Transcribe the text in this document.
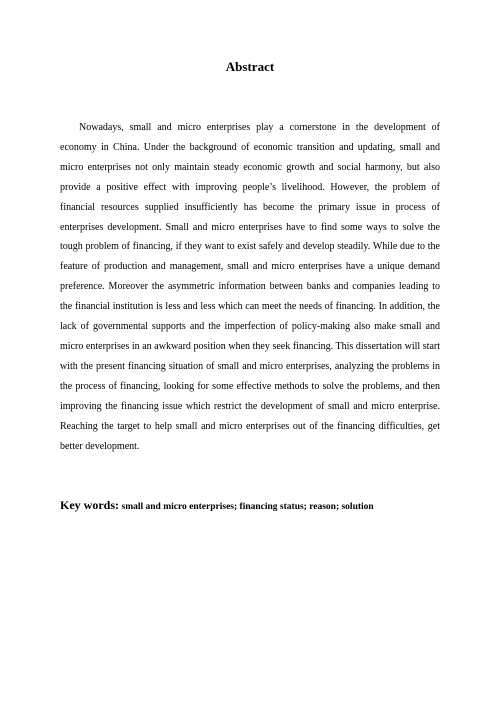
Abstract

Nowadays, small and micro enterprises play a cornerstone in the development of economy in China. Under the background of economic transition and updating, small and micro enterprises not only maintain steady economic growth and social harmony, but also provide a positive effect with improving people’s livelihood. However, the problem of financial resources supplied insufficiently has become the primary issue in process of enterprises development. Small and micro enterprises have to find some ways to solve the tough problem of financing, if they want to exist safely and develop steadily. While due to the feature of production and management, small and micro enterprises have a unique demand preference. Moreover the asymmetric information between banks and companies leading to the financial institution is less and less which can meet the needs of financing. In addition, the lack of governmental supports and the imperfection of policy-making also make small and micro enterprises in an awkward position when they seek financing. This dissertation will start with the present financing situation of small and micro enterprises, analyzing the problems in the process of financing, looking for some effective methods to solve the problems, and then improving the financing issue which restrict the development of small and micro enterprise. Reaching the target to help small and micro enterprises out of the financing difficulties, get better development.

Key words: small and micro enterprises; financing status; reason; solution
